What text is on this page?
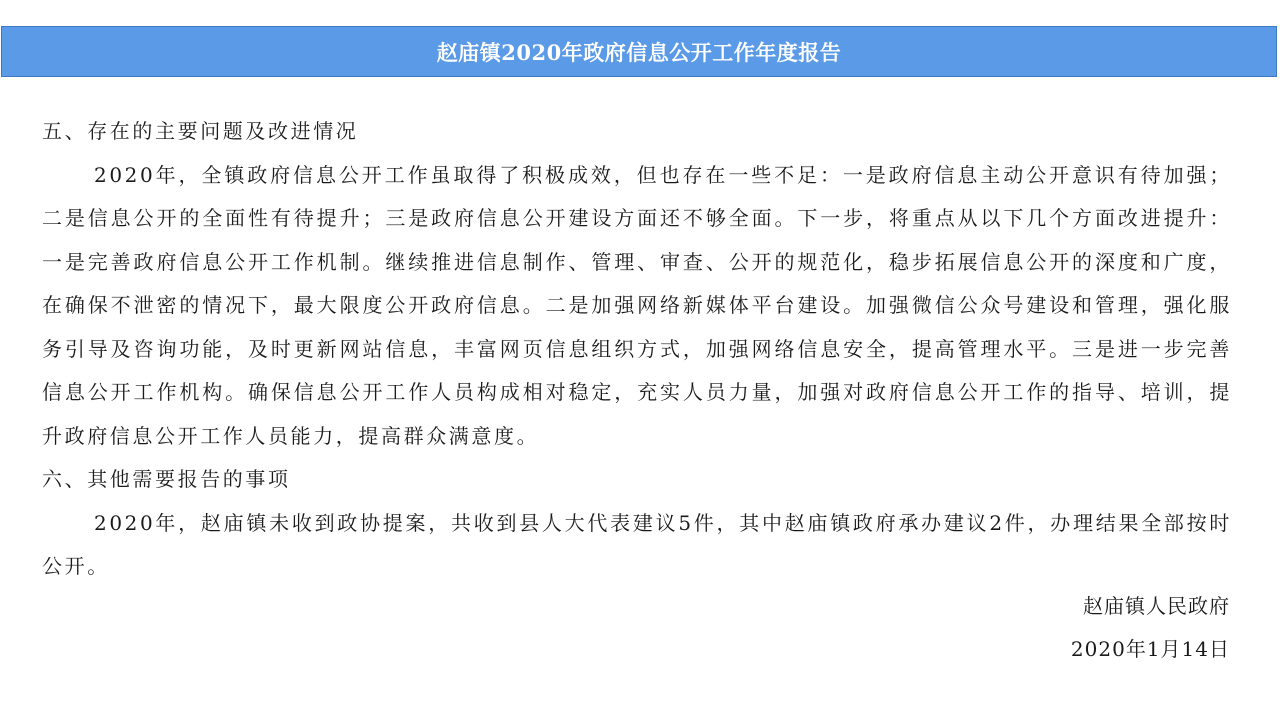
赵庙镇2020年政府信息公开工作年度报告

五、存在的主要问题及改进情况

2020年，全镇政府信息公开工作虽取得了积极成效，但也存在一些不足：一是政府信息主动公开意识有待加强；二是信息公开的全面性有待提升；三是政府信息公开建设方面还不够全面。下一步，将重点从以下几个方面改进提升：一是完善政府信息公开工作机制。继续推进信息制作、管理、审查、公开的规范化，稳步拓展信息公开的深度和广度，在确保不泄密的情况下，最大限度公开政府信息。二是加强网络新媒体平台建设。加强微信公众号建设和管理，强化服务引导及咨询功能，及时更新网站信息，丰富网页信息组织方式，加强网络信息安全，提高管理水平。三是进一步完善信息公开工作机构。确保信息公开工作人员构成相对稳定，充实人员力量，加强对政府信息公开工作的指导、培训，提升政府信息公开工作人员能力，提高群众满意度。

六、其他需要报告的事项

2020年，赵庙镇未收到政协提案，共收到县人大代表建议5件，其中赵庙镇政府承办建议2件，办理结果全部按时公开。

赵庙镇人民政府
2020年1月14日
